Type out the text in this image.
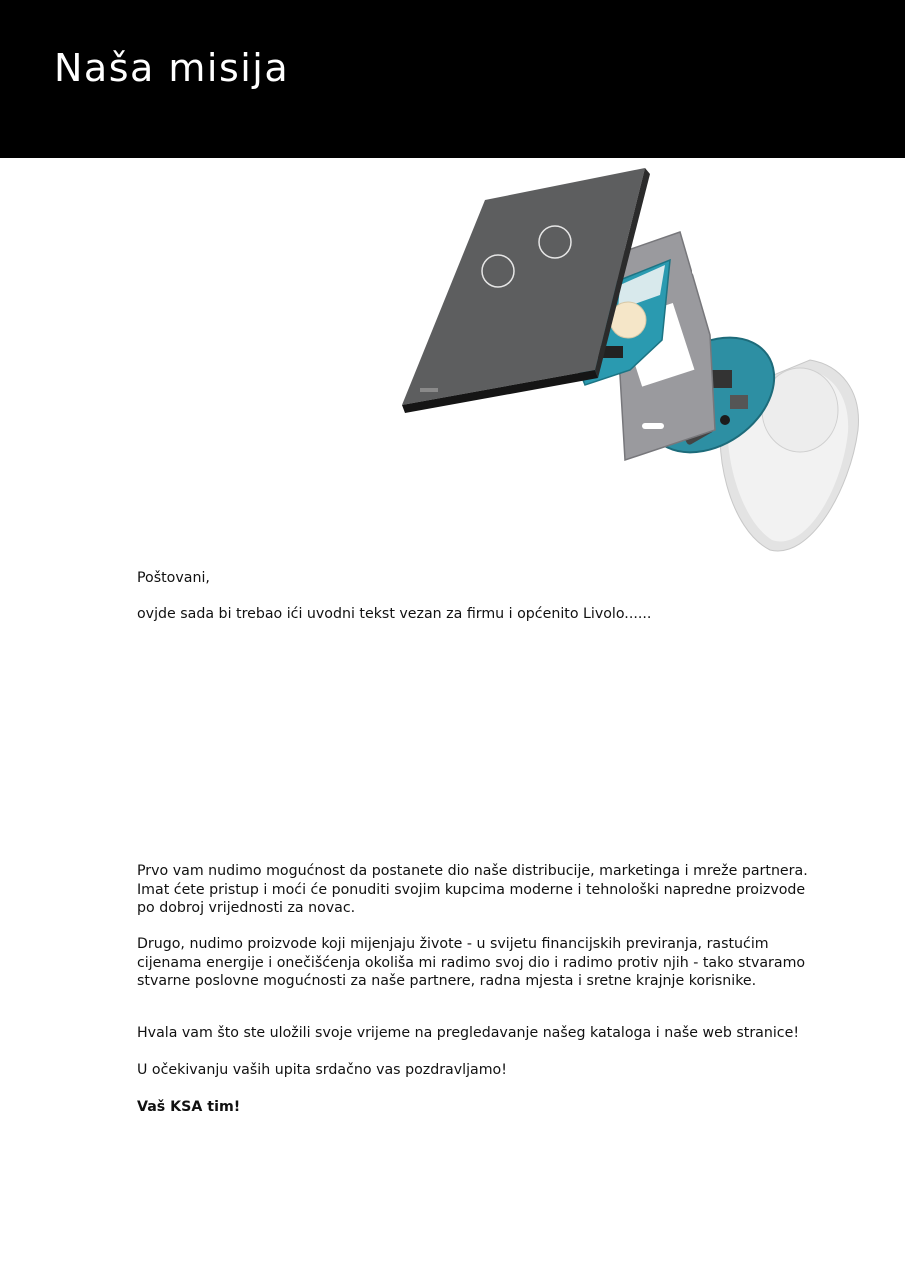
Naša misija

Poštovani,

ovjde sada bi trebao ići uvodni tekst vezan za firmu i općenito Livolo......

Prvo vam nudimo mogućnost da postanete dio naše distribucije, marketinga i mreže partnera. Imat ćete pristup i moći će ponuditi svojim kupcima moderne i tehnološki napredne proizvode po dobroj vrijednosti za novac.

Drugo, nudimo proizvode koji mijenjaju živote - u svijetu financijskih previranja, rastućim cijenama energije i onečišćenja okoliša mi radimo svoj dio i radimo protiv njih - tako stvaramo stvarne poslovne mogućnosti za naše partnere, radna mjesta i sretne krajnje korisnike.

Hvala vam što ste uložili svoje vrijeme na pregledavanje našeg kataloga i naše web stranice!

U očekivanju vaših upita srdačno vas pozdravljamo!

Vaš KSA tim!
